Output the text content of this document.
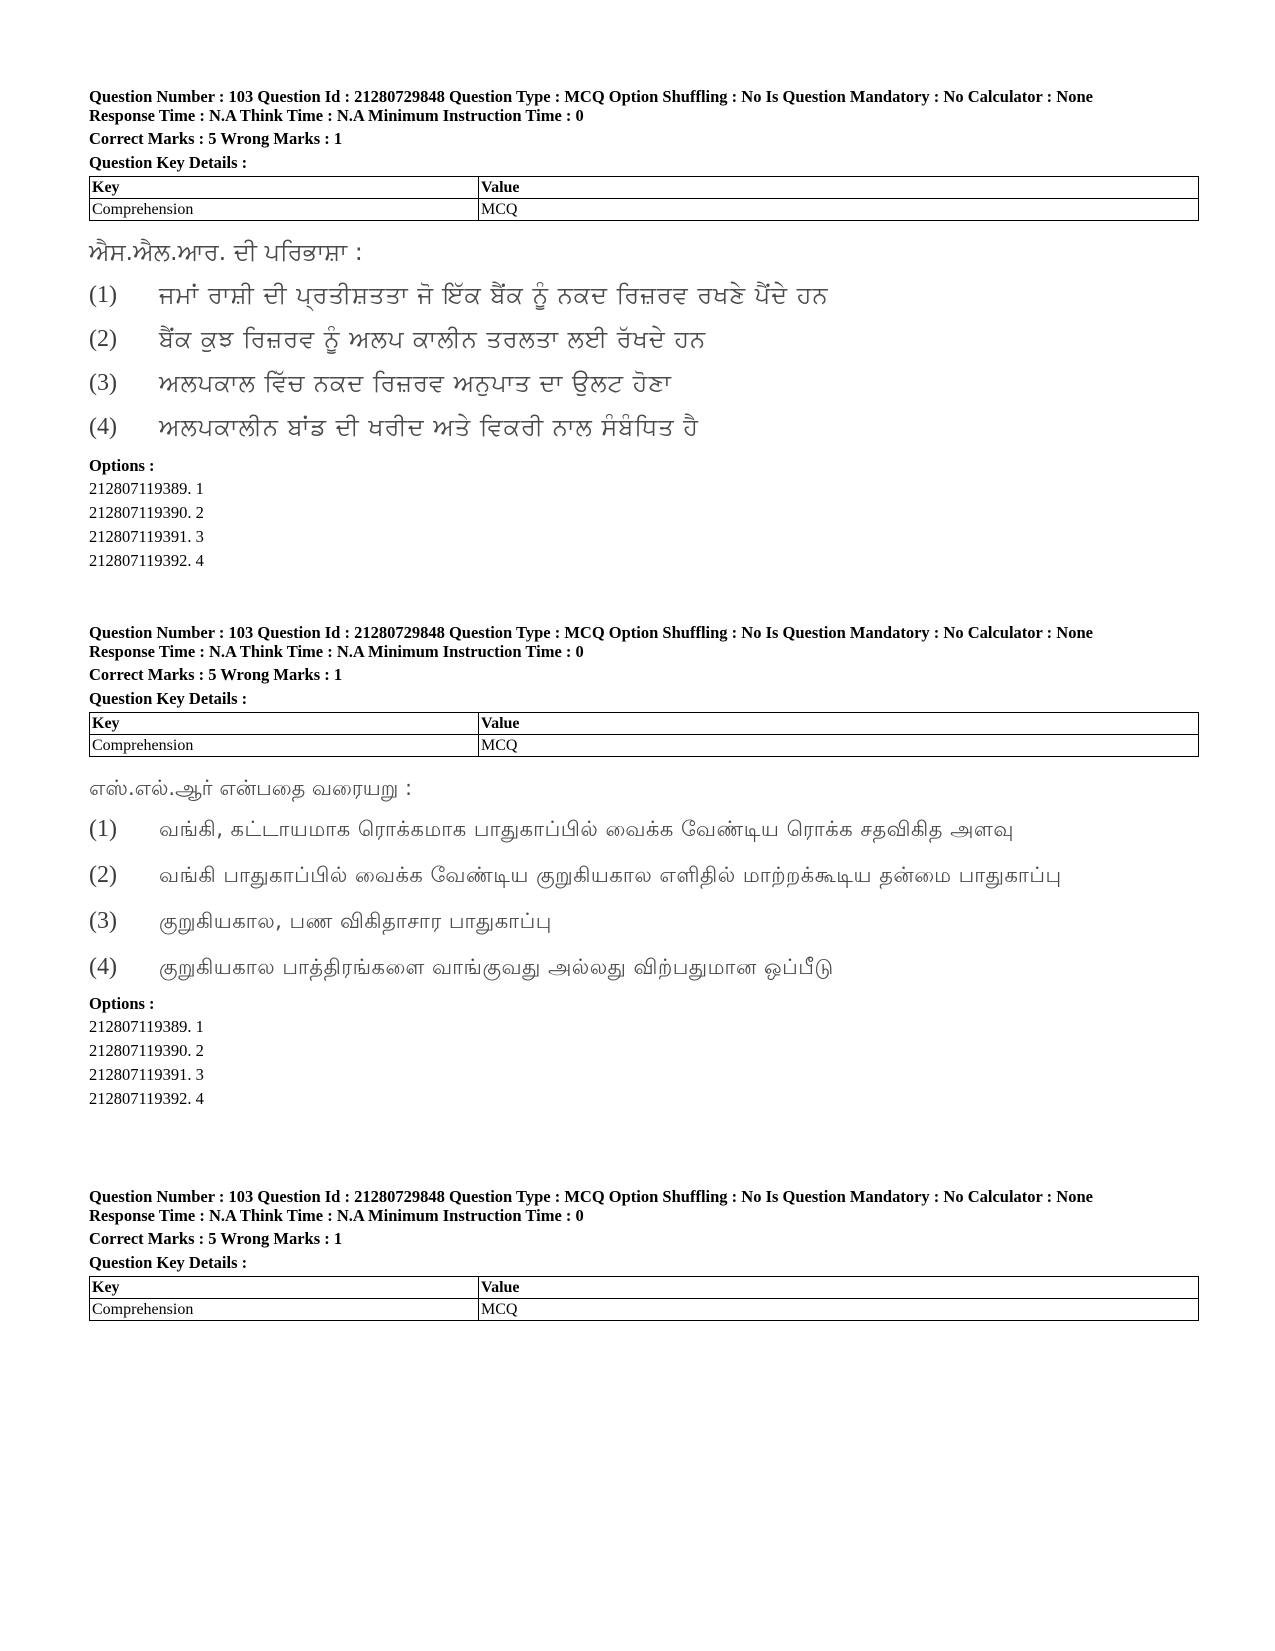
Question Number : 103 Question Id : 21280729848 Question Type : MCQ Option Shuffling : No Is Question Mandatory : No Calculator : None
Response Time : N.A Think Time : N.A Minimum Instruction Time : 0
Correct Marks : 5 Wrong Marks : 1
Question Key Details :
Key	Value
Comprehension	MCQ
ਐਸ.ਐਲ.ਆਰ. ਦੀ ਪਰਿਭਾਸ਼ਾ :
(1)	ਜਮਾਂ ਰਾਸ਼ੀ ਦੀ ਪ੍ਰਤੀਸ਼ਤਤਾ ਜੋ ਇੱਕ ਬੈਂਕ ਨੂੰ ਨਕਦ ਰਿਜ਼ਰਵ ਰਖਣੇ ਪੈਂਦੇ ਹਨ
(2)	ਬੈਂਕ ਕੁਝ ਰਿਜ਼ਰਵ ਨੂੰ ਅਲਪ ਕਾਲੀਨ ਤਰਲਤਾ ਲਈ ਰੱਖਦੇ ਹਨ
(3)	ਅਲਪਕਾਲ ਵਿੱਚ ਨਕਦ ਰਿਜ਼ਰਵ ਅਨੁਪਾਤ ਦਾ ਉਲਟ ਹੋਣਾ
(4)	ਅਲਪਕਾਲੀਨ ਬਾਂਡ ਦੀ ਖਰੀਦ ਅਤੇ ਵਿਕਰੀ ਨਾਲ ਸੰਬੰਧਿਤ ਹੈ
Options :
212807119389. 1
212807119390. 2
212807119391. 3
212807119392. 4
Question Number : 103 Question Id : 21280729848 Question Type : MCQ Option Shuffling : No Is Question Mandatory : No Calculator : None
Response Time : N.A Think Time : N.A Minimum Instruction Time : 0
Correct Marks : 5 Wrong Marks : 1
Question Key Details :
Key	Value
Comprehension	MCQ
எஸ்.எல்.ஆர் என்பதை வரையறு :
(1)	வங்கி, கட்டாயமாக ரொக்கமாக பாதுகாப்பில் வைக்க வேண்டிய ரொக்க சதவிகித அளவு
(2)	வங்கி பாதுகாப்பில் வைக்க வேண்டிய குறுகியகால எளிதில் மாற்றக்கூடிய தன்மை பாதுகாப்பு
(3)	குறுகியகால, பண விகிதாசார பாதுகாப்பு
(4)	குறுகியகால பாத்திரங்களை வாங்குவது அல்லது விற்பதுமான ஒப்பீடு
Options :
212807119389. 1
212807119390. 2
212807119391. 3
212807119392. 4
Question Number : 103 Question Id : 21280729848 Question Type : MCQ Option Shuffling : No Is Question Mandatory : No Calculator : None
Response Time : N.A Think Time : N.A Minimum Instruction Time : 0
Correct Marks : 5 Wrong Marks : 1
Question Key Details :
Key	Value
Comprehension	MCQ
